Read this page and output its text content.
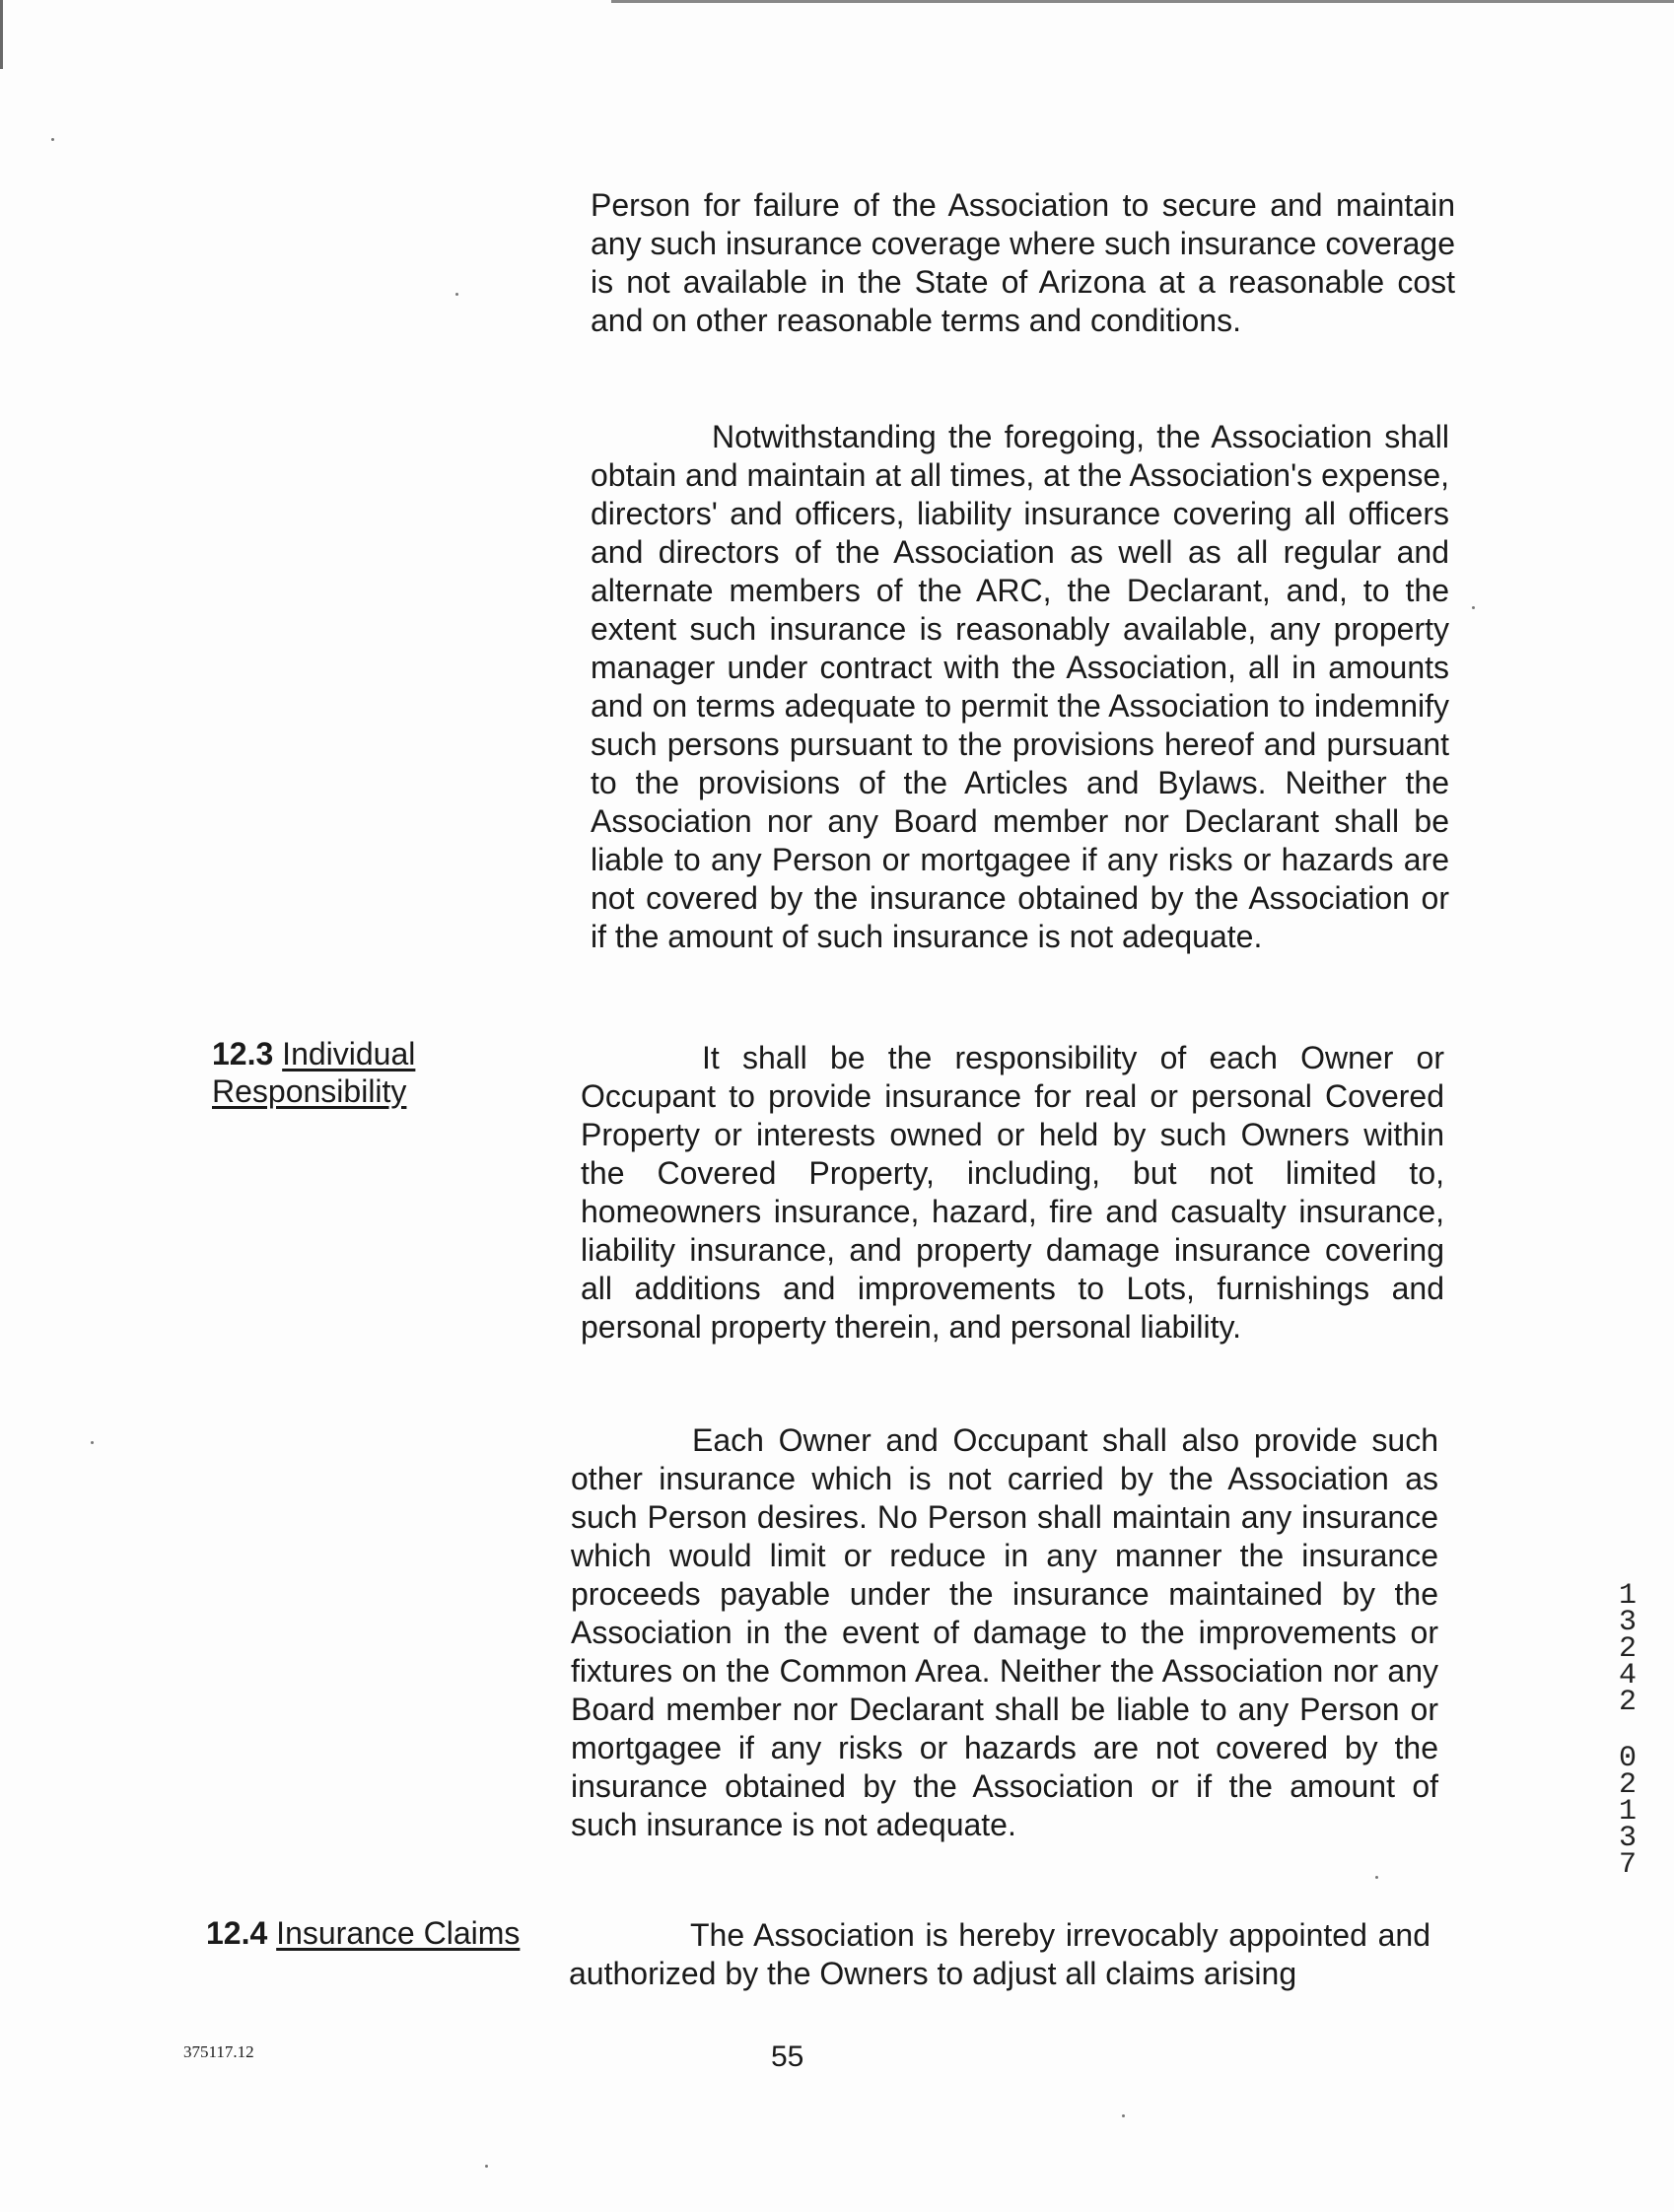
Person for failure of the Association to secure and maintain any such insurance coverage where such insurance coverage is not available in the State of Arizona at a reasonable cost and on other reasonable terms and conditions.

Notwithstanding the foregoing, the Association shall obtain and maintain at all times, at the Association's expense, directors' and officers, liability insurance covering all officers and directors of the Association as well as all regular and alternate members of the ARC, the Declarant, and, to the extent such insurance is reasonably available, any property manager under contract with the Association, all in amounts and on terms adequate to permit the Association to indemnify such persons pursuant to the provisions hereof and pursuant to the provisions of the Articles and Bylaws. Neither the Association nor any Board member nor Declarant shall be liable to any Person or mortgagee if any risks or hazards are not covered by the insurance obtained by the Association or if the amount of such insurance is not adequate.

12.3 Individual
Responsibility

It shall be the responsibility of each Owner or Occupant to provide insurance for real or personal Covered Property or interests owned or held by such Owners within the Covered Property, including, but not limited to, homeowners insurance, hazard, fire and casualty insurance, liability insurance, and property damage insurance covering all additions and improvements to Lots, furnishings and personal property therein, and personal liability.

Each Owner and Occupant shall also provide such other insurance which is not carried by the Association as such Person desires. No Person shall maintain any insurance which would limit or reduce in any manner the insurance proceeds payable under the insurance maintained by the Association in the event of damage to the improvements or fixtures on the Common Area. Neither the Association nor any Board member nor Declarant shall be liable to any Person or mortgagee if any risks or hazards are not covered by the insurance obtained by the Association or if the amount of such insurance is not adequate.

12.4 Insurance Claims	The Association is hereby irrevocably appointed and authorized by the Owners to adjust all claims arising

375117.12	55

1
3
2
4
2
0
2
1
3
7
